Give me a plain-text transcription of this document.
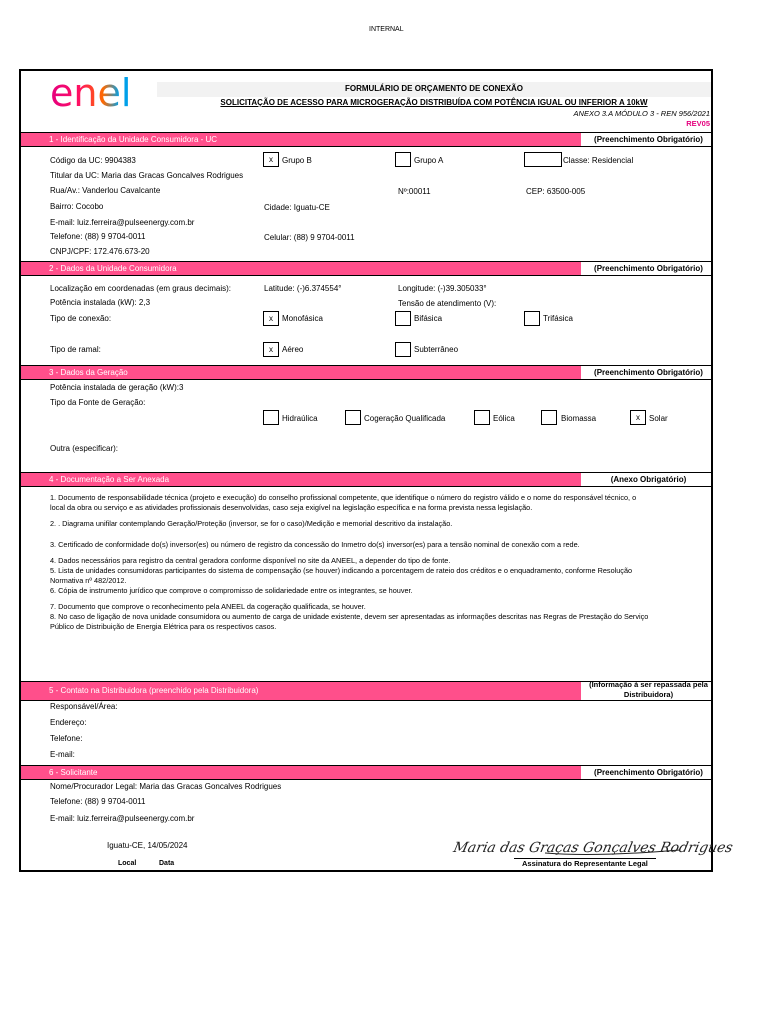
INTERNAL
enel	FORMULÁRIO DE ORÇAMENTO DE CONEXÃO
SOLICITAÇÃO DE ACESSO PARA MICROGERAÇÃO DISTRIBUÍDA COM POTÊNCIA IGUAL OU INFERIOR A 10kW
ANEXO 3.A MÓDULO 3 - REN 956/2021
REV05
1 - Identificação da Unidade Consumidora - UC	(Preenchimento Obrigatório)
Código da UC: 9904383	x	Grupo B	Grupo A	Classe: Residencial
Titular da UC: Maria das Gracas Goncalves Rodrigues
Rua/Av.: Vanderlou Cavalcante	Nº:00011	CEP: 63500-005
Bairro: Cocobo	Cidade: Iguatu-CE
E-mail: luiz.ferreira@pulseenergy.com.br
Telefone: (88) 9 9704-0011	Celular: (88) 9 9704-0011
CNPJ/CPF: 172.476.673-20
2 - Dados da Unidade Consumidora	(Preenchimento Obrigatório)
Localização em coordenadas (em graus decimais):	Latitude: (-)6.374554°	Longitude: (-)39.305033°
Potência instalada (kW): 2,3	Tensão de atendimento (V):
Tipo de conexão:	x	Monofásica	Bifásica	Trifásica
Tipo de ramal:	x	Aéreo	Subterrâneo
3 - Dados da Geração	(Preenchimento Obrigatório)
Potência instalada de geração (kW):3
Tipo da Fonte de Geração:
Hidraúlica	Cogeração Qualificada	Eólica	Biomassa	x	Solar
Outra (especificar):
4 - Documentação a Ser Anexada	(Anexo Obrigatório)
1. Documento de responsabilidade técnica (projeto e execução) do conselho profissional competente, que identifique o número do registro válido e o nome do responsável técnico, o
local da obra ou serviço e as atividades profissionais desenvolvidas, caso seja exigível na legislação específica e na forma prevista nessa legislação.
2. . Diagrama unifilar contemplando Geração/Proteção (inversor, se for o caso)/Medição e memorial descritivo da instalação.
3. Certificado de conformidade do(s) inversor(es) ou número de registro da concessão do Inmetro do(s) inversor(es) para a tensão nominal de conexão com a rede.
4. Dados necessários para registro da central geradora conforme disponível no site da ANEEL, a depender do tipo de fonte.
5. Lista de unidades consumidoras participantes do sistema de compensação (se houver) indicando a porcentagem de rateio dos créditos e o enquadramento, conforme Resolução
Normativa nº 482/2012.
6. Cópia de instrumento jurídico que comprove o compromisso de solidariedade entre os integrantes, se houver.
7. Documento que comprove o reconhecimento pela ANEEL da cogeração qualificada, se houver.
8. No caso de ligação de nova unidade consumidora ou aumento de carga de unidade existente, devem ser apresentadas as informações descritas nas Regras de Prestação do Serviço
Público de Distribuição de Energia Elétrica para os respectivos casos.
5 - Contato na Distribuidora (preenchido pela Distribuidora)
(Informação à ser repassada pela
Distribuidora)
Responsável/Área:
Endereço:
Telefone:
E-mail:
6 - Solicitante	(Preenchimento Obrigatório)
Nome/Procurador Legal: Maria das Gracas Goncalves Rodrigues
Telefone: (88) 9 9704-0011
E-mail: luiz.ferreira@pulseenergy.com.br
Iguatu-CE, 14/05/2024
Local	Data
Maria das Graças Gonçalves Rodrigues
Assinatura do Representante Legal
